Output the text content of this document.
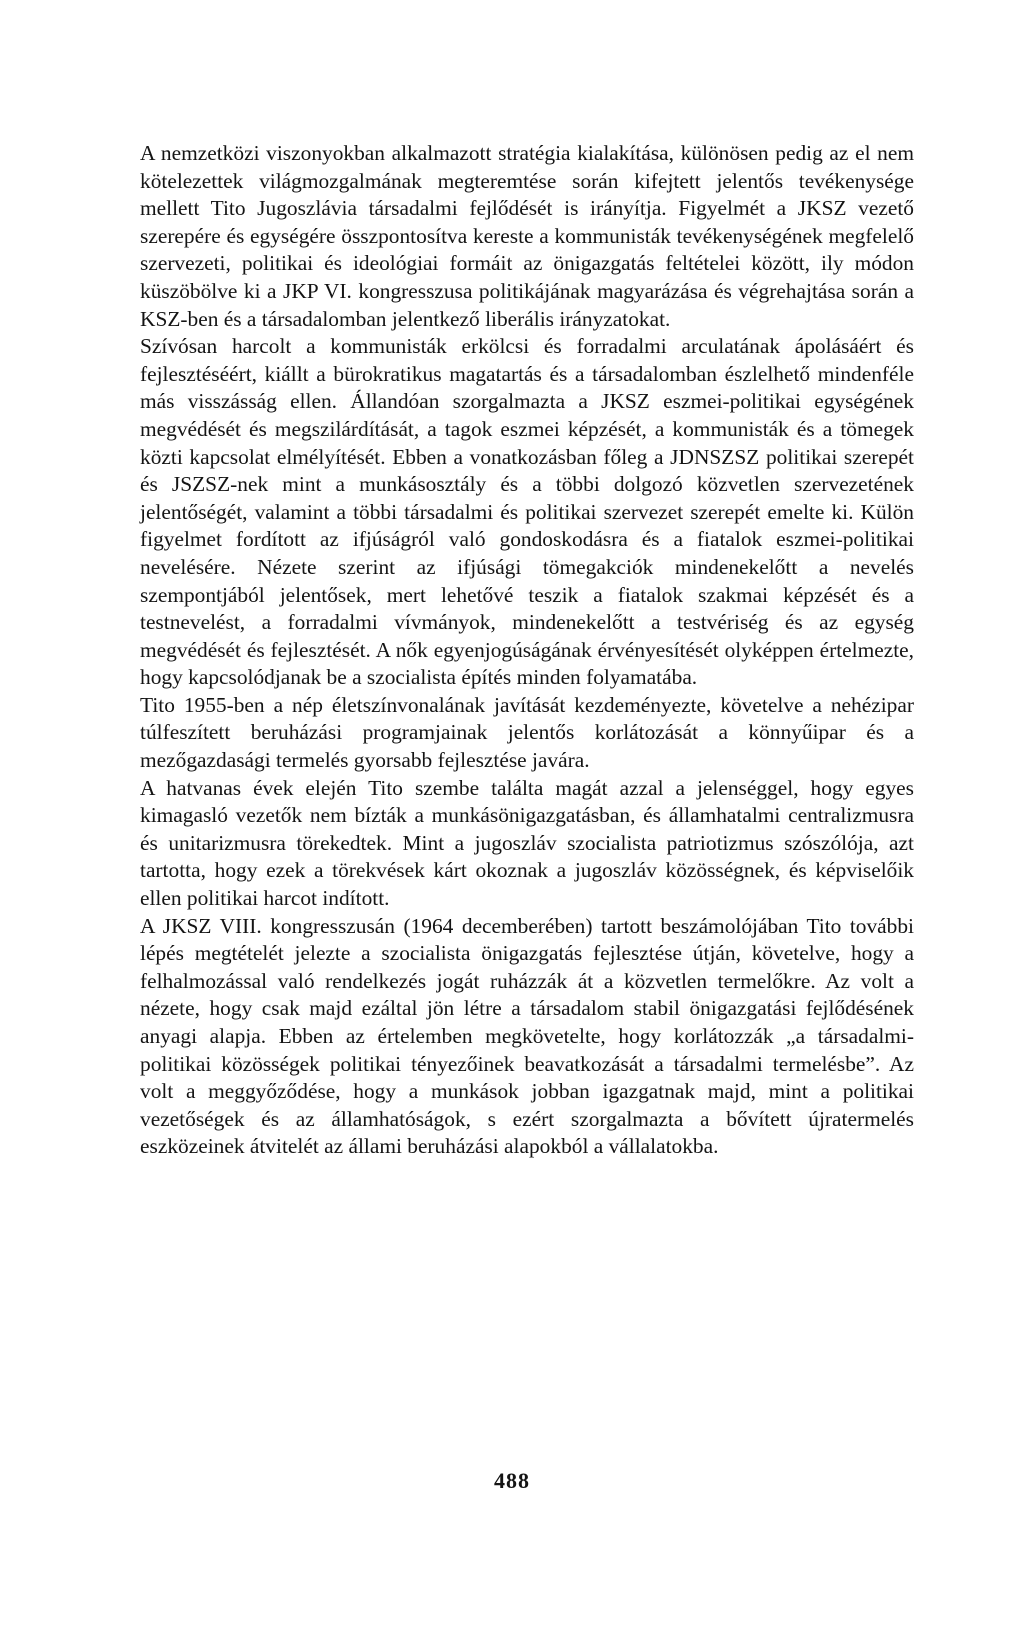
A nemzetközi viszonyokban alkalmazott stratégia kialakítása, különösen pedig az el nem kötelezettek világmozgalmának megteremtése során kifejtett jelentős tevékenysége mellett Tito Jugoszlávia társadalmi fejlődését is irányítja. Figyelmét a JKSZ vezető szerepére és egységére összpontosítva kereste a kommunisták tevékenységének megfelelő szervezeti, politikai és ideológiai formáit az önigazgatás feltételei között, ily módon küszöbölve ki a JKP VI. kongresszusa politikájának magyarázása és végrehajtása során a KSZ-ben és a társadalomban jelentkező liberális irányzatokat.

Szívósan harcolt a kommunisták erkölcsi és forradalmi arculatának ápolásáért és fejlesztéséért, kiállt a bürokratikus magatartás és a társadalomban észlelhető mindenféle más visszásság ellen. Állandóan szorgalmazta a JKSZ eszmei-politikai egységének megvédését és megszilárdítását, a tagok eszmei képzését, a kommunisták és a tömegek közti kapcsolat elmélyítését. Ebben a vonatkozásban főleg a JDNSZSZ politikai szerepét és JSZSZ-nek mint a munkásosztály és a többi dolgozó közvetlen szervezetének jelentőségét, valamint a többi társadalmi és politikai szervezet szerepét emelte ki. Külön figyelmet fordított az ifjúságról való gondoskodásra és a fiatalok eszmei-politikai nevelésére. Nézete szerint az ifjúsági tömegakciók mindenekelőtt a nevelés szempontjából jelentősek, mert lehetővé teszik a fiatalok szakmai képzését és a testnevelést, a forradalmi vívmányok, mindenekelőtt a testvériség és az egység megvédését és fejlesztését. A nők egyenjogúságának érvényesítését olyképpen értelmezte, hogy kapcsolódjanak be a szocialista építés minden folyamatába.

Tito 1955-ben a nép életszínvonalának javítását kezdeményezte, követelve a nehézipar túlfeszített beruházási programjainak jelentős korlátozását a könnyűipar és a mezőgazdasági termelés gyorsabb fejlesztése javára.

A hatvanas évek elején Tito szembe találta magát azzal a jelenséggel, hogy egyes kimagasló vezetők nem bízták a munkásönigazgatásban, és államhatalmi centralizmusra és unitarizmusra törekedtek. Mint a jugoszláv szocialista patriotizmus szószólója, azt tartotta, hogy ezek a törekvések kárt okoznak a jugoszláv közösségnek, és képviselőik ellen politikai harcot indított.

A JKSZ VIII. kongresszusán (1964 decemberében) tartott beszámolójában Tito további lépés megtételét jelezte a szocialista önigazgatás fejlesztése útján, követelve, hogy a felhalmozással való rendelkezés jogát ruházzák át a közvetlen termelőkre. Az volt a nézete, hogy csak majd ezáltal jön létre a társadalom stabil önigazgatási fejlődésének anyagi alapja. Ebben az értelemben megkövetelte, hogy korlátozzák „a társadalmi-politikai közösségek politikai tényezőinek beavatkozását a társadalmi termelésbe”. Az volt a meggyőződése, hogy a munkások jobban igazgatnak majd, mint a politikai vezetőségek és az államhatóságok, s ezért szorgalmazta a bővített újratermelés eszközeinek átvitelét az állami beruházási alapokból a vállalatokba.

488
